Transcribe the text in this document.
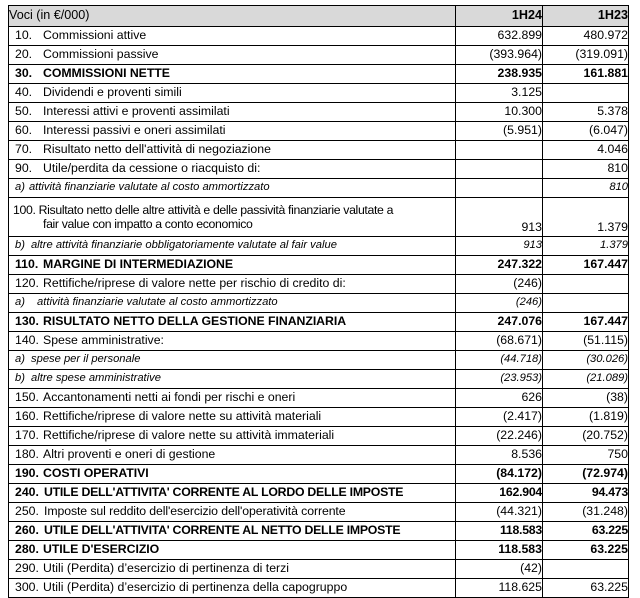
Voci (in €/000)	1H24	1H23

10. Commissioni attive	632.899	480.972

20. Commissioni passive	(393.964)	(319.091)

30. COMMISSIONI NETTE	238.935	161.881

40. Dividendi e proventi simili	3.125	

50. Interessi attivi e proventi assimilati	10.300	5.378

60. Interessi passivi e oneri assimilati	(5.951)	(6.047)

70. Risultato netto dell'attività di negoziazione		4.046

90. Utile/perdita da cessione o riacquisto di:		810

a) attività finanziarie valutate al costo ammortizzato		810

100. Risultato netto delle altre attività e delle passività finanziarie valutate a
fair value con impatto a conto economico	913	1.379

b) altre attività finanziarie obbligatoriamente valutate al fair value	913	1.379

110. MARGINE DI INTERMEDIAZIONE	247.322	167.447

120. Rettifiche/riprese di valore nette per rischio di credito di:	(246)	

a) attività finanziarie valutate al costo ammortizzato	(246)	

130. RISULTATO NETTO DELLA GESTIONE FINANZIARIA	247.076	167.447

140. Spese amministrative:	(68.671)	(51.115)

a) spese per il personale	(44.718)	(30.026)

b) altre spese amministrative	(23.953)	(21.089)

150. Accantonamenti netti ai fondi per rischi e oneri	626	(38)

160. Rettifiche/riprese di valore nette su attività materiali	(2.417)	(1.819)

170. Rettifiche/riprese di valore nette su attività immateriali	(22.246)	(20.752)

180. Altri proventi e oneri di gestione	8.536	750

190. COSTI OPERATIVI	(84.172)	(72.974)

240. UTILE DELL'ATTIVITA' CORRENTE AL LORDO DELLE IMPOSTE	162.904	94.473

250. Imposte sul reddito dell'esercizio dell'operatività corrente	(44.321)	(31.248)

260. UTILE DELL'ATTIVITA' CORRENTE AL NETTO DELLE IMPOSTE	118.583	63.225

280. UTILE D'ESERCIZIO	118.583	63.225

290. Utili (Perdita) d’esercizio di pertinenza di terzi	(42)	

300. Utili (Perdita) d’esercizio di pertinenza della capogruppo	118.625	63.225
